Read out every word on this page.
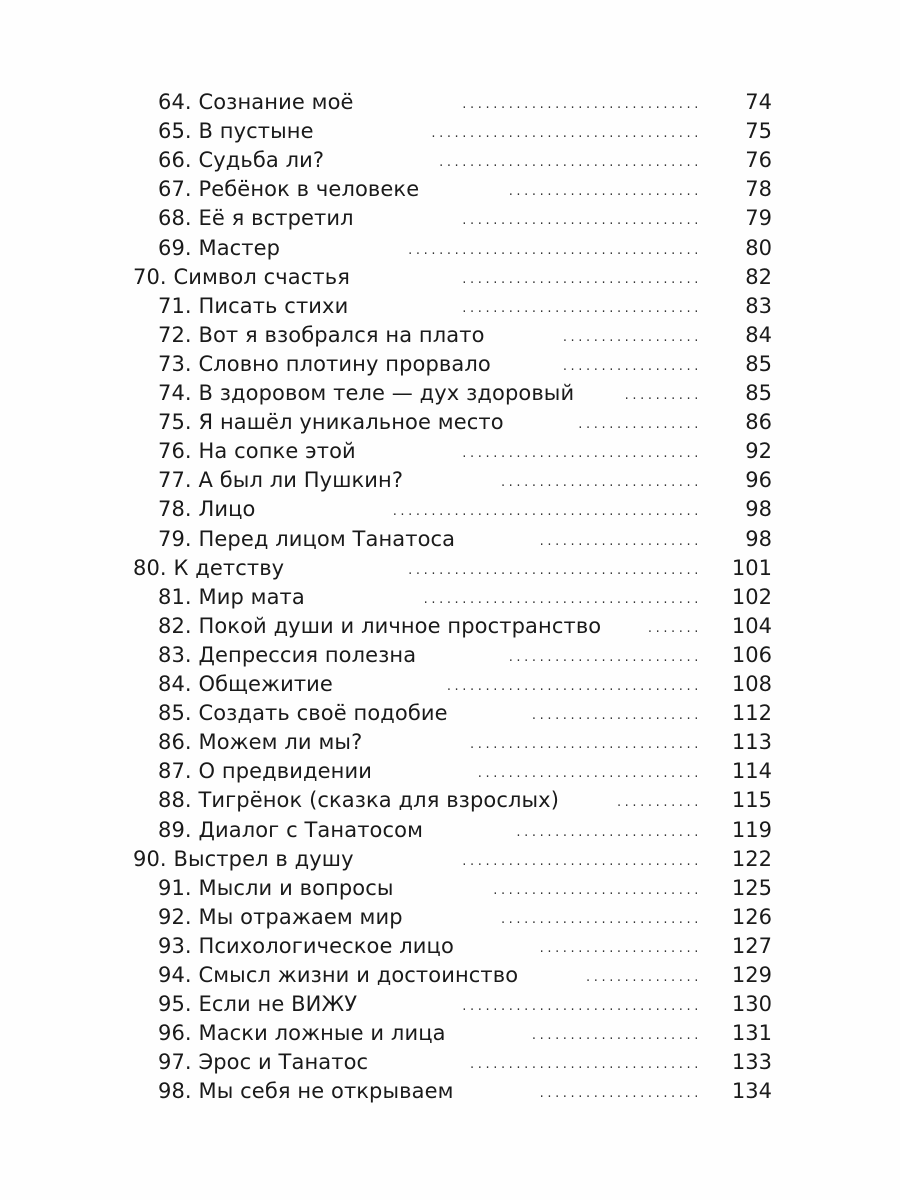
64. Сознание моё	...............................	74
65. В пустыне	...................................	75
66. Судьба ли?	..................................	76
67. Ребёнок в человеке	.........................	78
68. Её я встретил	...............................	79
69. Мастер	......................................	80
70. Символ счастья	...............................	82
71. Писать стихи	...............................	83
72. Вот я взобрался на плато	..................	84
73. Словно плотину прорвало	..................	85
74. В здоровом теле — дух здоровый	..........	85
75. Я нашёл уникальное место	................	86
76. На сопке этой	...............................	92
77. А был ли Пушкин?	..........................	96
78. Лицо	........................................	98
79. Перед лицом Танатоса	.....................	98
80. К детству	......................................	101
81. Мир мата	....................................	102
82. Покой души и личное пространство	.......	104
83. Депрессия полезна	.........................	106
84. Общежитие	.................................	108
85. Создать своё подобие	......................	112
86. Можем ли мы?	..............................	113
87. О предвидении	.............................	114
88. Тигрёнок (сказка для взрослых)	...........	115
89. Диалог с Танатосом	........................	119
90. Выстрел в душу	...............................	122
91. Мысли и вопросы	...........................	125
92. Мы отражаем мир	..........................	126
93. Психологическое лицо	.....................	127
94. Смысл жизни и достоинство	...............	129
95. Если не ВИЖУ	...............................	130
96. Маски ложные и лица	......................	131
97. Эрос и Танатос	..............................	133
98. Мы себя не открываем	.....................	134
